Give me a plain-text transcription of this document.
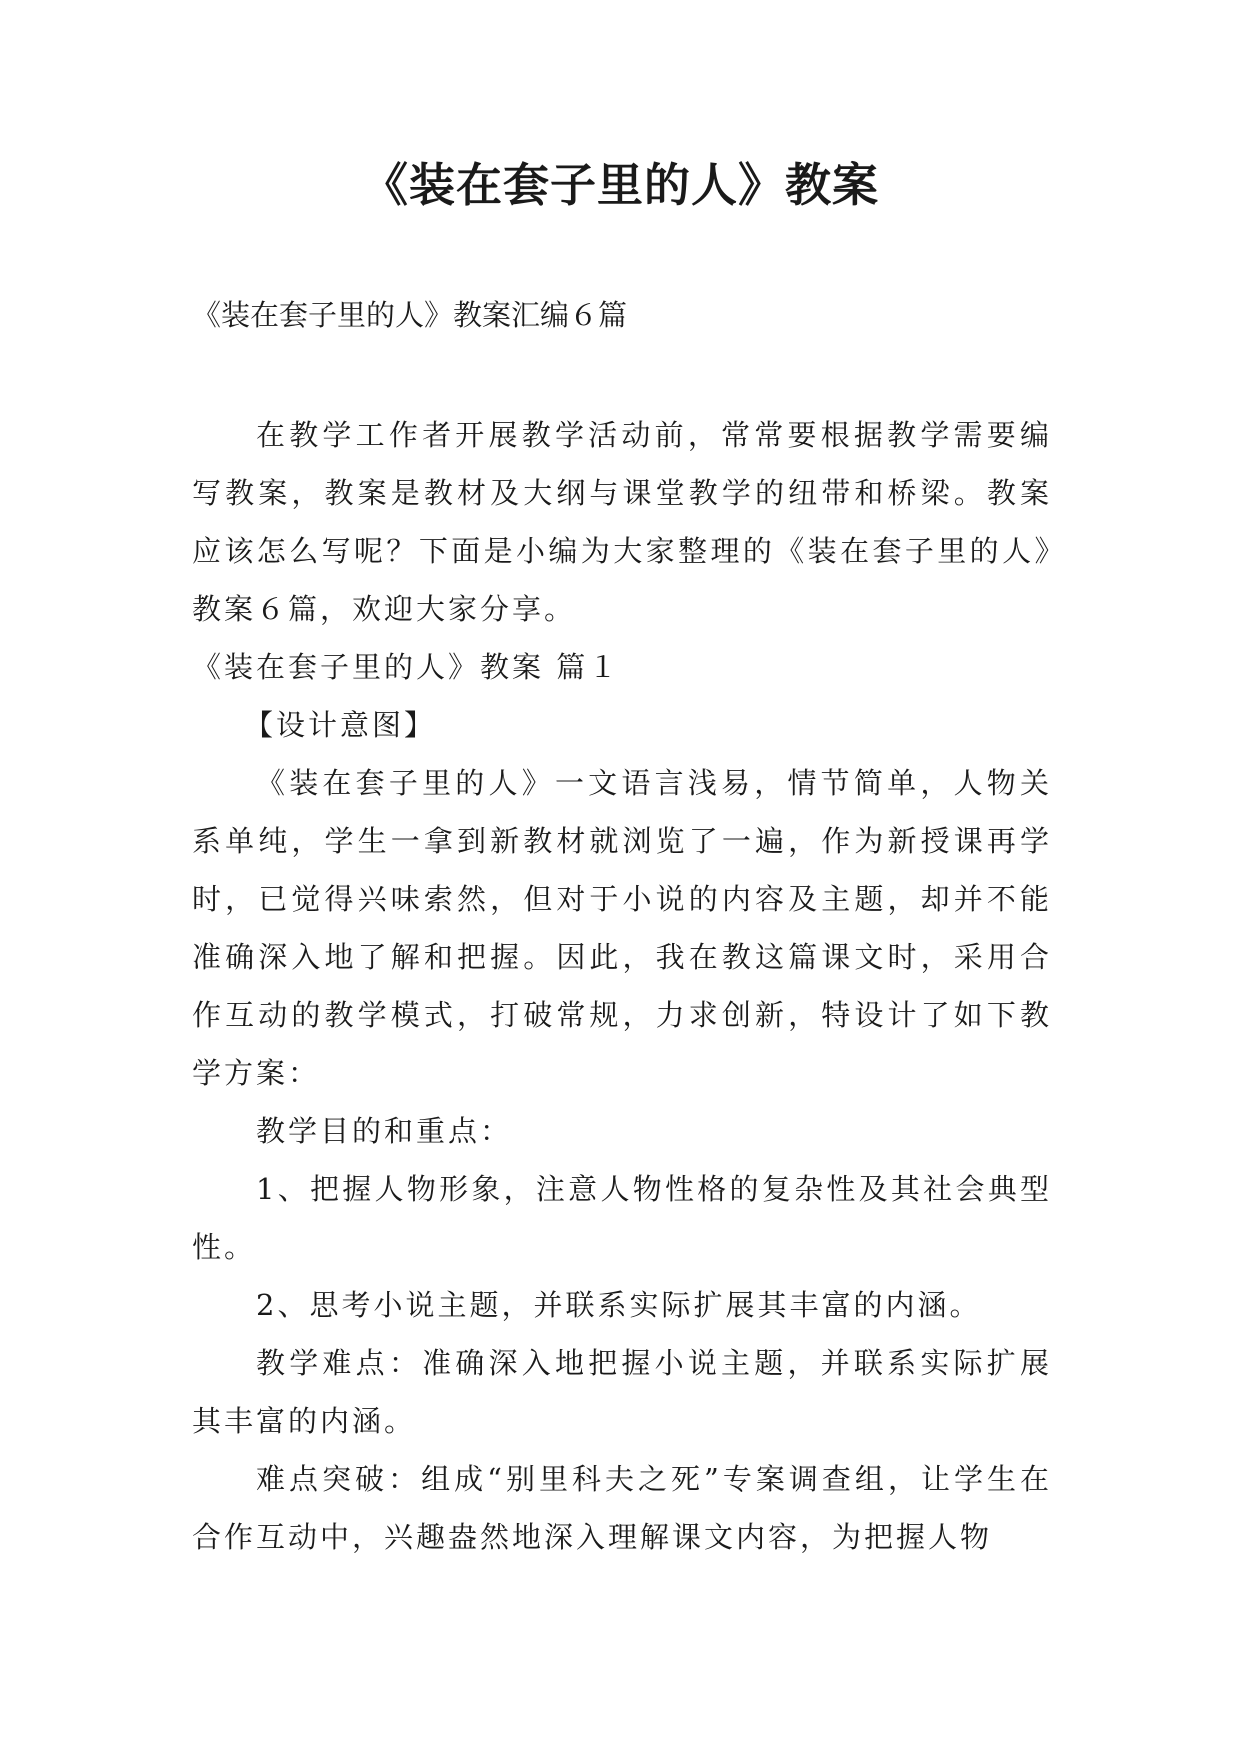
《装在套子里的人》教案

《装在套子里的人》教案汇编６篇

在教学工作者开展教学活动前，常常要根据教学需要编写教案，教案是教材及大纲与课堂教学的纽带和桥梁。教案应该怎么写呢？下面是小编为大家整理的《装在套子里的人》教案６篇，欢迎大家分享。

《装在套子里的人》教案 篇１

【设计意图】

《装在套子里的人》一文语言浅易，情节简单，人物关系单纯，学生一拿到新教材就浏览了一遍，作为新授课再学时，已觉得兴味索然，但对于小说的内容及主题，却并不能准确深入地了解和把握。因此，我在教这篇课文时，采用合作互动的教学模式，打破常规，力求创新，特设计了如下教学方案：

教学目的和重点：

1、把握人物形象，注意人物性格的复杂性及其社会典型性。

2、思考小说主题，并联系实际扩展其丰富的内涵。

教学难点：准确深入地把握小说主题，并联系实际扩展其丰富的内涵。

难点突破：组成“别里科夫之死”专案调查组，让学生在合作互动中，兴趣盎然地深入理解课文内容，为把握人物
